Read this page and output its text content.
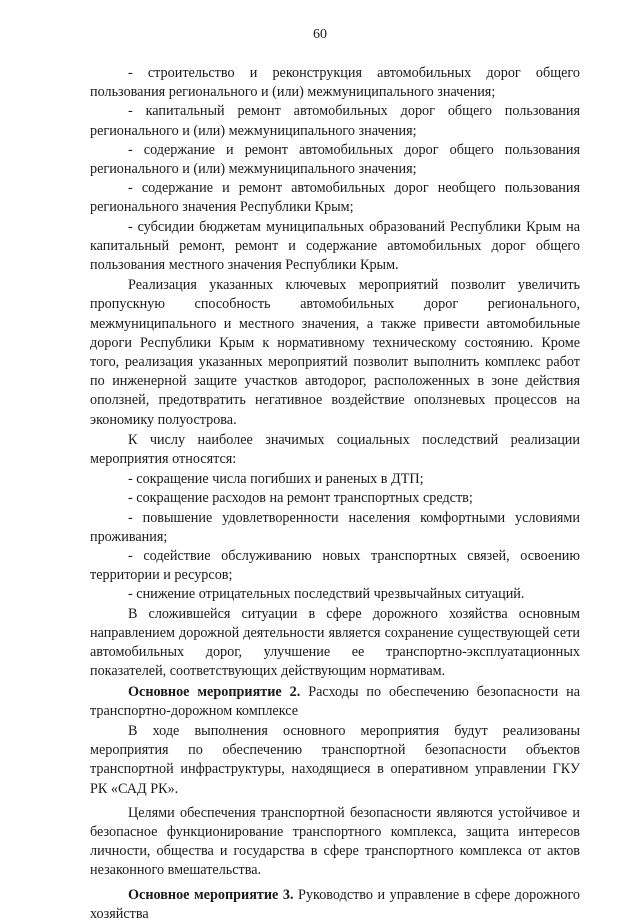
60

- строительство и реконструкция автомобильных дорог общего пользования регионального и (или) межмуниципального значения;

- капитальный ремонт автомобильных дорог общего пользования регионального и (или) межмуниципального значения;

- содержание и ремонт автомобильных дорог общего пользования регионального и (или) межмуниципального значения;

- содержание и ремонт автомобильных дорог необщего пользования регионального значения Республики Крым;

- субсидии бюджетам муниципальных образований Республики Крым на капитальный ремонт, ремонт и содержание автомобильных дорог общего пользования местного значения Республики Крым.

Реализация указанных ключевых мероприятий позволит увеличить пропускную способность автомобильных дорог регионального, межмуниципального и местного значения, а также привести автомобильные дороги Республики Крым к нормативному техническому состоянию. Кроме того, реализация указанных мероприятий позволит выполнить комплекс работ по инженерной защите участков автодорог, расположенных в зоне действия оползней, предотвратить негативное воздействие оползневых процессов на экономику полуострова.

К числу наиболее значимых социальных последствий реализации мероприятия относятся:

- сокращение числа погибших и раненых в ДТП;

- сокращение расходов на ремонт транспортных средств;

- повышение удовлетворенности населения комфортными условиями проживания;

- содействие обслуживанию новых транспортных связей, освоению территории и ресурсов;

- снижение отрицательных последствий чрезвычайных ситуаций.

В сложившейся ситуации в сфере дорожного хозяйства основным направлением дорожной деятельности является сохранение существующей сети автомобильных дорог, улучшение ее транспортно-эксплуатационных показателей, соответствующих действующим нормативам.

Основное мероприятие 2. Расходы по обеспечению безопасности на транспортно-дорожном комплексе

В ходе выполнения основного мероприятия будут реализованы мероприятия по обеспечению транспортной безопасности объектов транспортной инфраструктуры, находящиеся в оперативном управлении ГКУ РК «САД РК».

Целями обеспечения транспортной безопасности являются устойчивое и безопасное функционирование транспортного комплекса, защита интересов личности, общества и государства в сфере транспортного комплекса от актов незаконного вмешательства.

Основное мероприятие 3. Руководство и управление в сфере дорожного хозяйства
